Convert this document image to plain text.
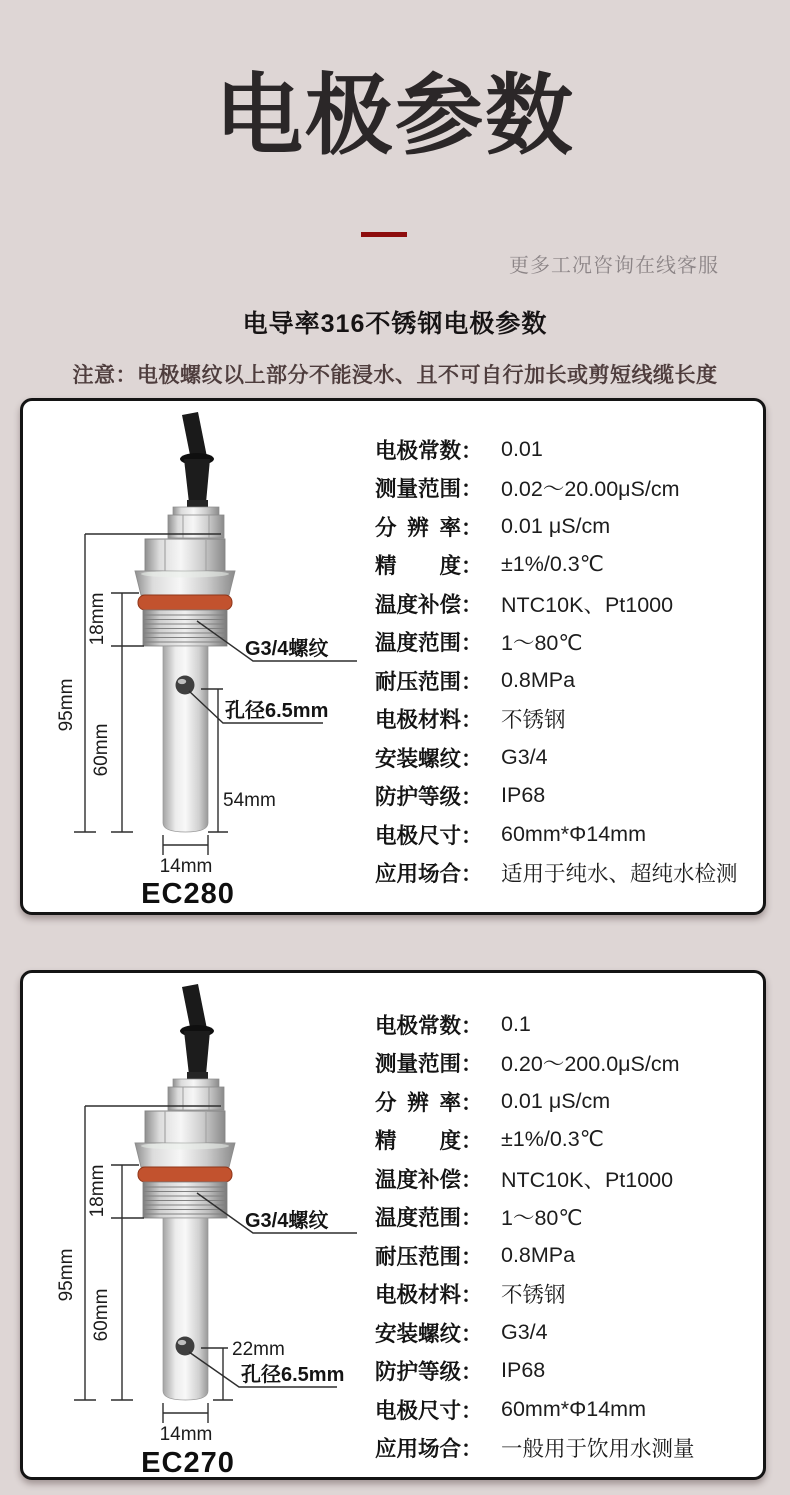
电极参数
更多工况咨询在线客服
电导率316不锈钢电极参数
注意：电极螺纹以上部分不能浸水、且不可自行加长或剪短线缆长度
95mm
18mm
60mm
54mm
G3/4螺纹
孔径6.5mm
14mm
EC280
电极常数： 0.01
测量范围： 0.02～20.00μS/cm
分 辨 率： 0.01 μS/cm
精　　度： ±1%/0.3℃
温度补偿： NTC10K、Pt1000
温度范围： 1～80℃
耐压范围： 0.8MPa
电极材料： 不锈钢
安装螺纹： G3/4
防护等级： IP68
电极尺寸： 60mm*Φ14mm
应用场合： 适用于纯水、超纯水检测
95mm
18mm
60mm
22mm
G3/4螺纹
孔径6.5mm
14mm
EC270
电极常数： 0.1
测量范围： 0.20～200.0μS/cm
分 辨 率： 0.01 μS/cm
精　　度： ±1%/0.3℃
温度补偿： NTC10K、Pt1000
温度范围： 1～80℃
耐压范围： 0.8MPa
电极材料： 不锈钢
安装螺纹： G3/4
防护等级： IP68
电极尺寸： 60mm*Φ14mm
应用场合： 一般用于饮用水测量
